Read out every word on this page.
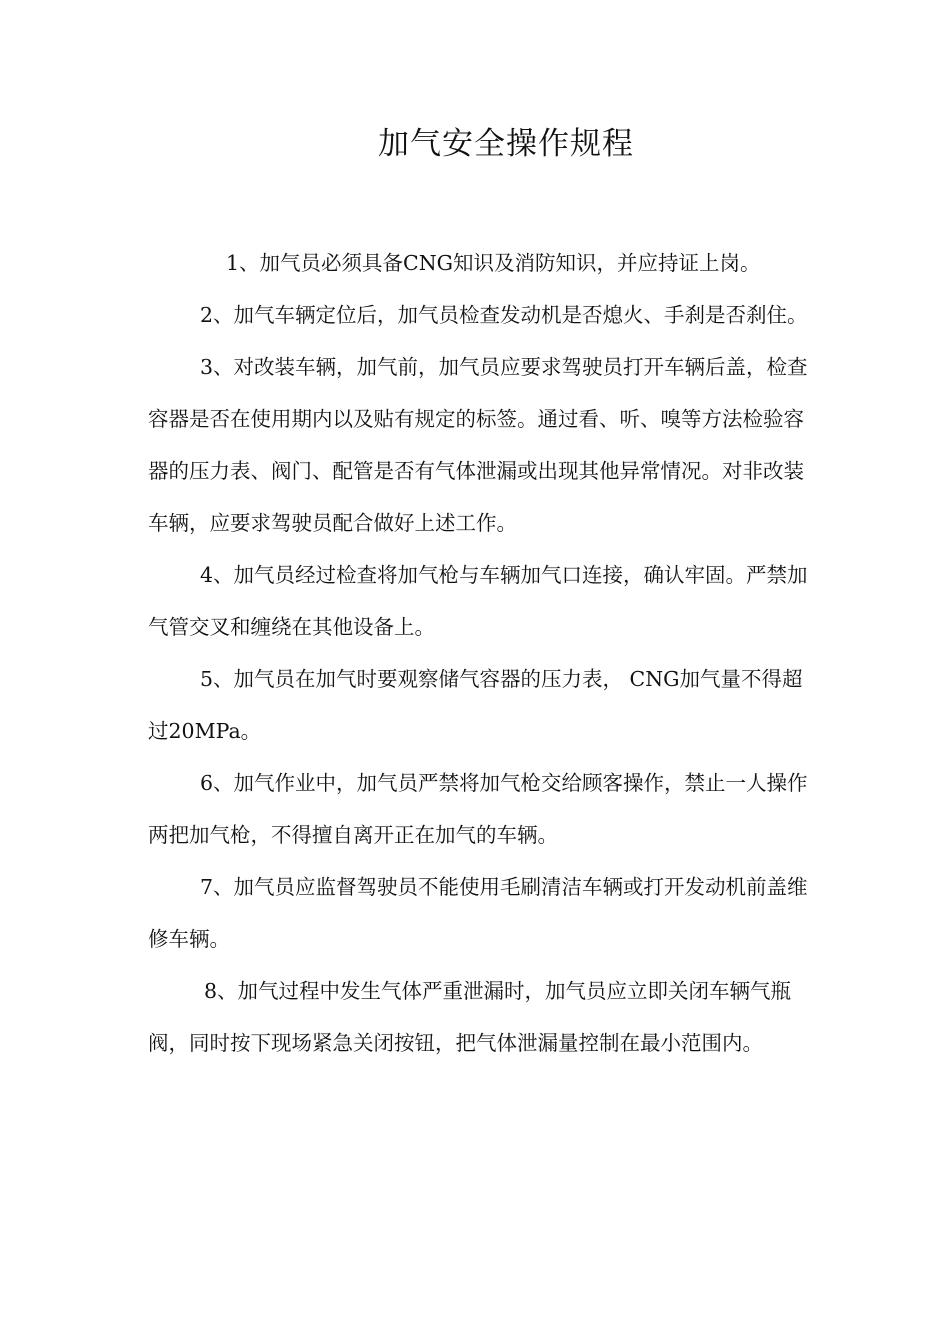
加气安全操作规程

1、加气员必须具备CNG知识及消防知识，并应持证上岗。

2、加气车辆定位后，加气员检查发动机是否熄火、手刹是否刹住。

3、对改装车辆，加气前，加气员应要求驾驶员打开车辆后盖，检查容器是否在使用期内以及贴有规定的标签。通过看、听、嗅等方法检验容器的压力表、阀门、配管是否有气体泄漏或出现其他异常情况。对非改装车辆，应要求驾驶员配合做好上述工作。

4、加气员经过检查将加气枪与车辆加气口连接，确认牢固。严禁加气管交叉和缠绕在其他设备上。

5、加气员在加气时要观察储气容器的压力表， CNG加气量不得超过20MPa。

6、加气作业中，加气员严禁将加气枪交给顾客操作，禁止一人操作两把加气枪，不得擅自离开正在加气的车辆。

7、加气员应监督驾驶员不能使用毛刷清洁车辆或打开发动机前盖维修车辆。

8、加气过程中发生气体严重泄漏时，加气员应立即关闭车辆气瓶阀，同时按下现场紧急关闭按钮，把气体泄漏量控制在最小范围内。
